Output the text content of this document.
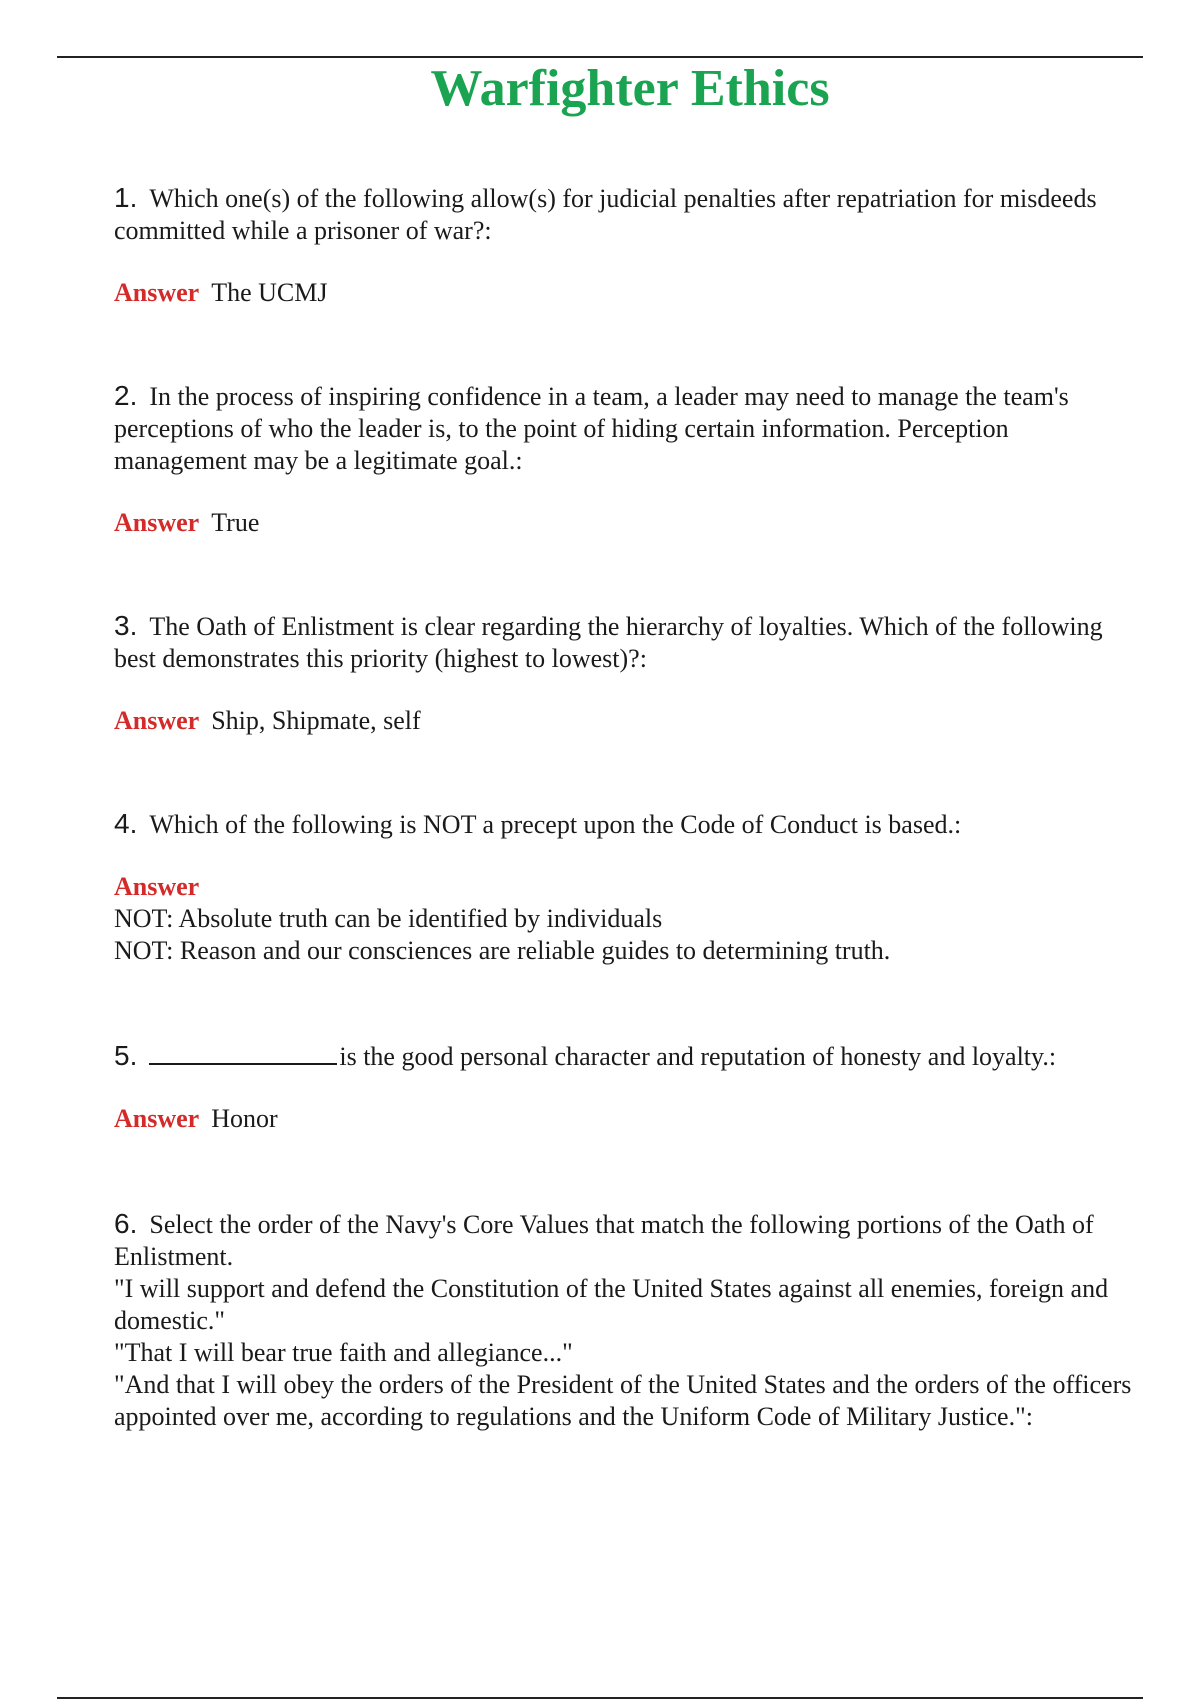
Warfighter Ethics

1. Which one(s) of the following allow(s) for judicial penalties after repatriation for misdeeds committed while a prisoner of war?:

Answer The UCMJ

2. In the process of inspiring confidence in a team, a leader may need to manage the team's perceptions of who the leader is, to the point of hiding certain information. Perception management may be a legitimate goal.:

Answer True

3. The Oath of Enlistment is clear regarding the hierarchy of loyalties. Which of the following best demonstrates this priority (highest to lowest)?:

Answer Ship, Shipmate, self

4. Which of the following is NOT a precept upon the Code of Conduct is based.:

Answer
NOT: Absolute truth can be identified by individuals
NOT: Reason and our consciences are reliable guides to determining truth.

5.	is the good personal character and reputation of honesty and loyalty.:

Answer Honor

6. Select the order of the Navy's Core Values that match the following portions of the Oath of Enlistment.
"I will support and defend the Constitution of the United States against all enemies, foreign and domestic."
"That I will bear true faith and allegiance..."
"And that I will obey the orders of the President of the United States and the orders of the officers appointed over me, according to regulations and the Uniform Code of Military Justice.":
